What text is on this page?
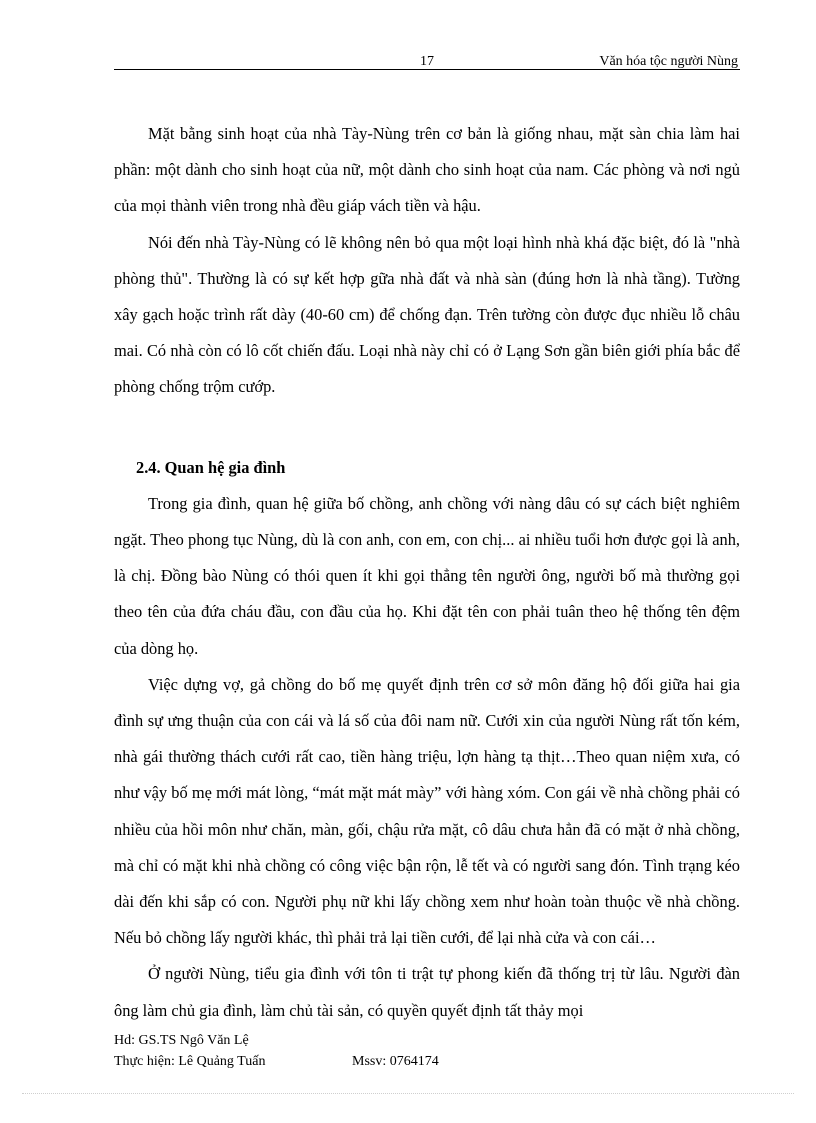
17	Văn hóa tộc người Nùng

Mặt bằng sinh hoạt của nhà Tày-Nùng trên cơ bản là giống nhau, mặt sàn chia làm hai phần: một dành cho sinh hoạt của nữ, một dành cho sinh hoạt của nam. Các phòng và nơi ngủ của mọi thành viên trong nhà đều giáp vách tiền và hậu.

Nói đến nhà Tày-Nùng có lẽ không nên bỏ qua một loại hình nhà khá đặc biệt, đó là "nhà phòng thủ". Thường là có sự kết hợp gữa nhà đất và nhà sàn (đúng hơn là nhà tầng). Tường xây gạch hoặc trình rất dày (40-60 cm) để chống đạn. Trên tường còn được đục nhiều lỗ châu mai. Có nhà còn có lô cốt chiến đấu. Loại nhà này chỉ có ở Lạng Sơn gần biên giới phía bắc để phòng chống trộm cướp.

2.4. Quan hệ gia đình

Trong gia đình, quan hệ giữa bố chồng, anh chồng với nàng dâu có sự cách biệt nghiêm ngặt. Theo phong tục Nùng, dù là con anh, con em, con chị... ai nhiều tuổi hơn được gọi là anh, là chị. Đồng bào Nùng có thói quen ít khi gọi thẳng tên người ông, người bố mà thường gọi theo tên của đứa cháu đầu, con đầu của họ. Khi đặt tên con phải tuân theo hệ thống tên đệm của dòng họ.

Việc dựng vợ, gả chồng do bố mẹ quyết định trên cơ sở môn đăng hộ đối giữa hai gia đình sự ưng thuận của con cái và lá số của đôi nam nữ. Cưới xin của người Nùng rất tốn kém, nhà gái thường thách cưới rất cao, tiền hàng triệu, lợn hàng tạ thịt…Theo quan niệm xưa, có như vậy bố mẹ mới mát lòng, “mát mặt mát mày” với hàng xóm. Con gái về nhà chồng phải có nhiều của hồi môn như chăn, màn, gối, chậu rửa mặt, cô dâu chưa hẳn đã có mặt ở nhà chồng, mà chỉ có mặt khi nhà chồng có công việc bận rộn, lễ tết và có người sang đón. Tình trạng kéo dài đến khi sắp có con. Người phụ nữ khi lấy chồng xem như hoàn toàn thuộc về nhà chồng. Nếu bỏ chồng lấy người khác, thì phải trả lại tiền cưới, để lại nhà cửa và con cái…

Ở người Nùng, tiểu gia đình với tôn ti trật tự phong kiến đã thống trị từ lâu. Người đàn ông làm chủ gia đình, làm chủ tài sản, có quyền quyết định tất thảy mọi

Hd: GS.TS Ngô Văn Lệ
Thực hiện: Lê Quảng Tuấn	Mssv: 0764174
